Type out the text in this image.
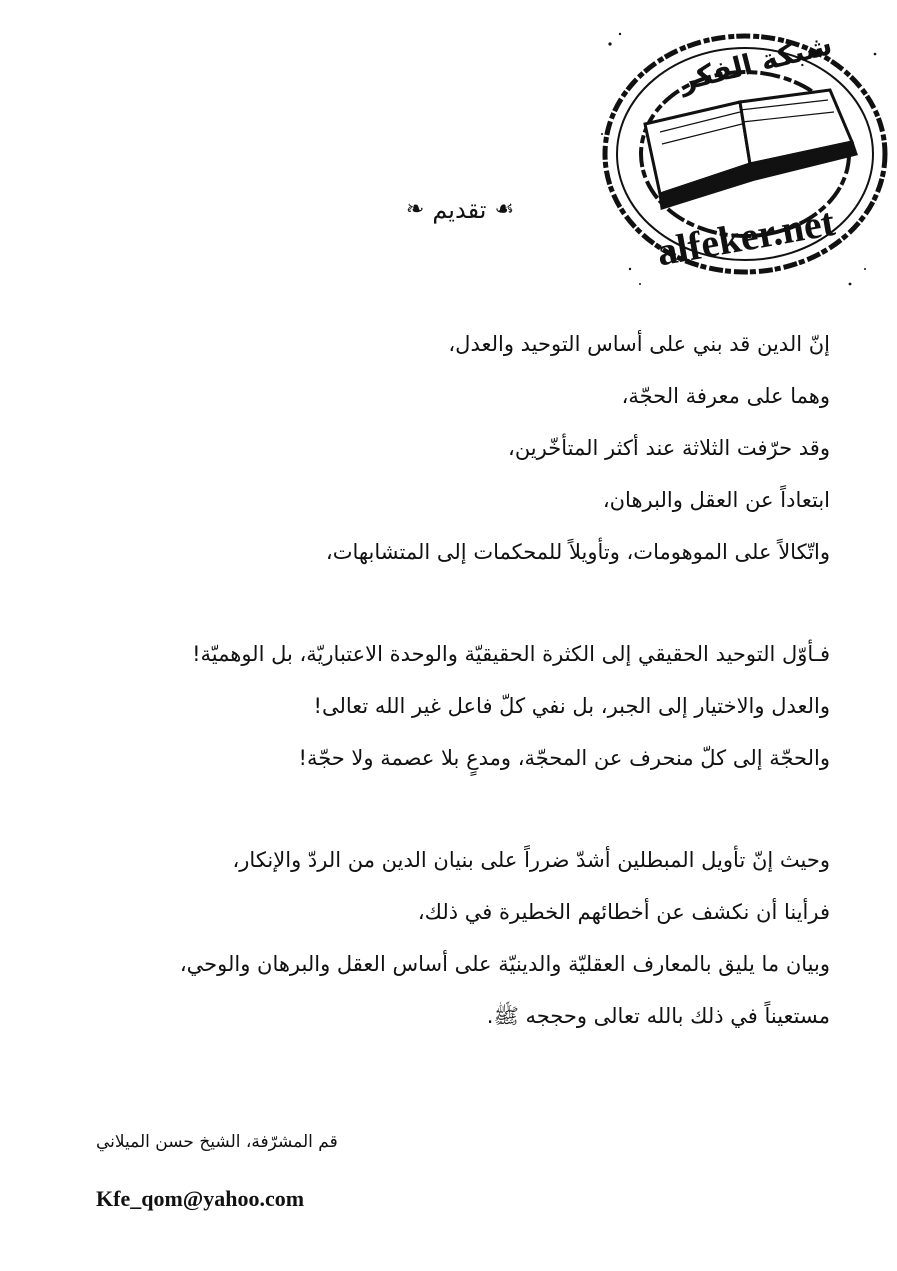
شبكة الفكر
alfeker.net
☙
تقديم
❧
إنّ الدين قد بني على أساس التوحيد والعدل،
وهما على معرفة الحجّة،
وقد حرّفت الثلاثة عند أكثر المتأخّرين،
ابتعاداً عن العقل والبرهان،
واتّكالاً على الموهومات، وتأويلاً للمحكمات إلى المتشابهات،
فـأوّل التوحيد الحقيقي إلى الكثرة الحقيقيّة والوحدة الاعتباريّة، بل الوهميّة!
والعدل والاختيار إلى الجبر، بل نفي كلّ فاعل غير الله تعالى!
والحجّة إلى كلّ منحرف عن المحجّة، ومدعٍ بلا عصمة ولا حجّة!
وحيث إنّ تأويل المبطلين أشدّ ضرراً على بنيان الدين من الردّ والإنكار،
فرأينا أن نكشف عن أخطائهم الخطيرة في ذلك،
وبيان ما يليق بالمعارف العقليّة والدينيّة على أساس العقل والبرهان والوحي،
مستعيناً في ذلك بالله تعالى وحججه ﷺ.
قم المشرّفة، الشيخ حسن الميلاني
Kfe_qom@yahoo.com
